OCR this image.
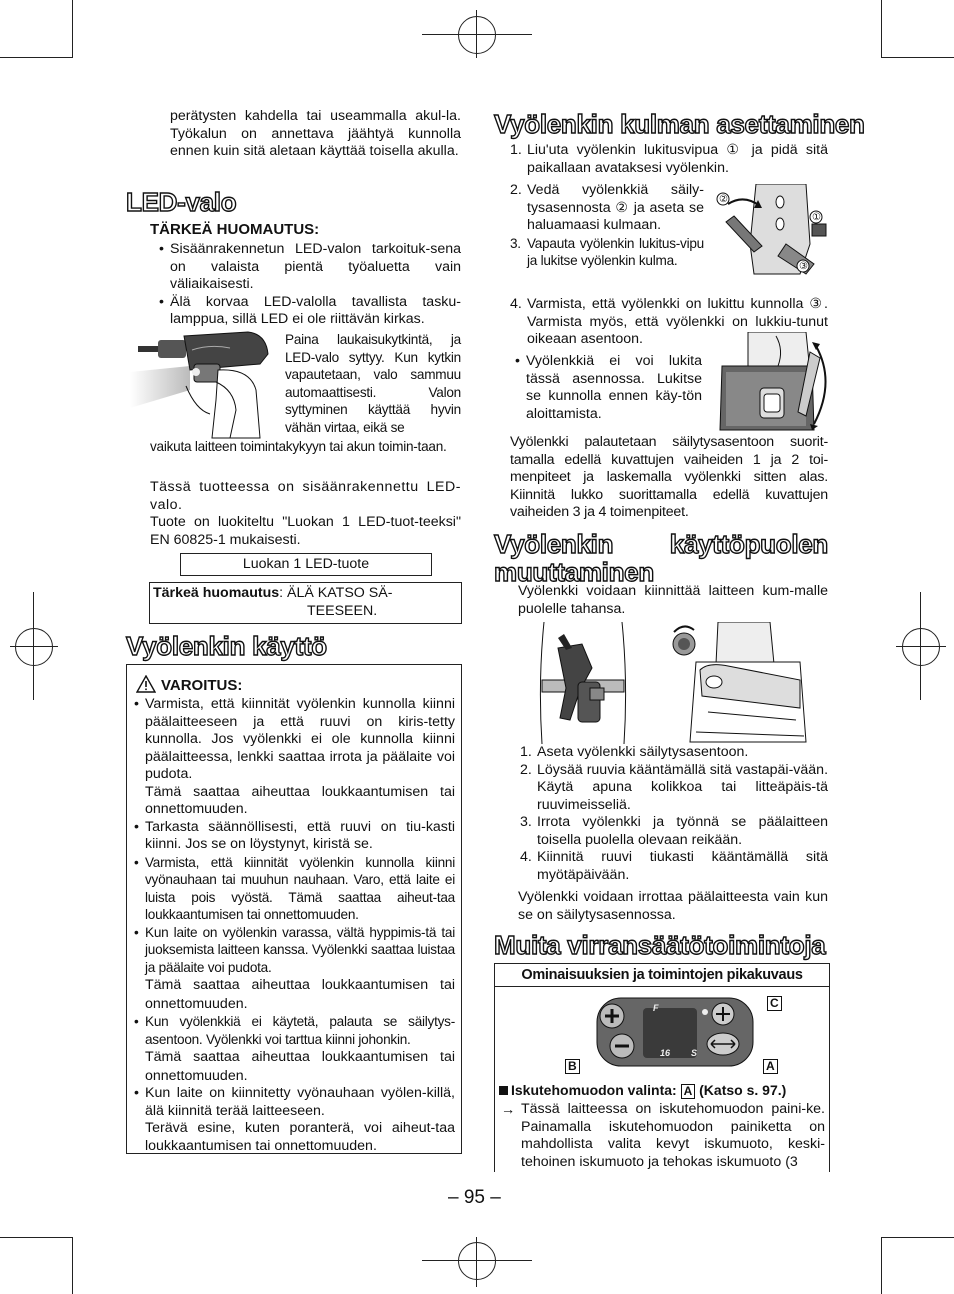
perätysten kahdella tai useammalla akul-la. Työkalun on annettava jäähtyä kunnolla ennen kuin sitä aletaan käyttää toisella akulla.
LED-valo
TÄRKEÄ HUOMAUTUS:
• Sisäänrakennetun LED-valon tarkoituk-sena on valaista pientä työaluetta vain väliaikaisesti.
• Älä korvaa LED-valolla tavallista tasku-lamppua, sillä LED ei ole riittävän kirkas.
Paina laukaisukytkintä, ja LED-valo syttyy. Kun kytkin vapautetaan, valo sammuu automaattisesti. Valon syttyminen käyttää hyvin vähän virtaa, eikä se
vaikuta laitteen toimintakykyyn tai akun toimin-taan.
Tässä tuotteessa on sisäänrakennettu LED-valo.
Tuote on luokiteltu "Luokan 1 LED-tuot-teeksi" EN 60825-1 mukaisesti.
Luokan 1 LED-tuote
Tärkeä huomautus: ÄLÄ KATSO SÄ-
TEESEEN.
Vyölenkin käyttö
VAROITUS:
• Varmista, että kiinnität vyölenkin kunnolla kiinni päälaitteeseen ja että ruuvi on kiris-tetty kunnolla. Jos vyölenkki ei ole kunnolla kiinni päälaitteessa, lenkki saattaa irrota ja päälaite voi pudota.
Tämä saattaa aiheuttaa loukkaantumisen tai onnettomuuden.
• Tarkasta säännöllisesti, että ruuvi on tiu-kasti kiinni. Jos se on löystynyt, kiristä se.
• Varmista, että kiinnität vyölenkin kunnolla kiinni vyönauhaan tai muuhun nauhaan. Varo, että laite ei luista pois vyöstä. Tämä saattaa aiheut-taa loukkaantumisen tai onnettomuuden.
• Kun laite on vyölenkin varassa, vältä hyppimis-tä tai juoksemista laitteen kanssa. Vyölenkki saattaa luistaa ja päälaite voi pudota.
Tämä saattaa aiheuttaa loukkaantumisen tai onnettomuuden.
• Kun vyölenkkiä ei käytetä, palauta se säilytys-asentoon. Vyölenkki voi tarttua kiinni johonkin.
Tämä saattaa aiheuttaa loukkaantumisen tai onnettomuuden.
• Kun laite on kiinnitetty vyönauhaan vyölen-killä, älä kiinnitä terää laitteeseen.
Terävä esine, kuten poranterä, voi aiheut-taa loukkaantumisen tai onnettomuuden.
Vyölenkin kulman asettaminen
1. Liu'uta vyölenkin lukitusvipua ① ja pidä sitä paikallaan avataksesi vyölenkin.
2. Vedä vyölenkkiä säily-tysasennosta ② ja aseta se haluamaasi kulmaan.
3. Vapauta vyölenkin lukitus-vipu ja lukitse vyölenkin kulma.
②
①
③
4. Varmista, että vyölenkki on lukittu kunnolla ③. Varmista myös, että vyölenkki on lukkiu-tunut oikeaan asentoon.
• Vyölenkkiä ei voi lukita tässä asennossa. Lukitse se kunnolla ennen käy-tön aloittamista.
Vyölenkki palautetaan säilytysasentoon suorit-tamalla edellä kuvattujen vaiheiden 1 ja 2 toi-menpiteet ja laskemalla vyölenkki sitten alas. Kiinnitä lukko suorittamalla edellä kuvattujen vaiheiden 3 ja 4 toimenpiteet.
Vyölenkin käyttöpuolen
muuttaminen
Vyölenkki voidaan kiinnittää laitteen kum-malle puolelle tahansa.
1. Aseta vyölenkki säilytysasentoon.
2. Löysää ruuvia kääntämällä sitä vastapäi-vään. Käytä apuna kolikkoa tai litteäpäis-tä ruuvimeisseliä.
3. Irrota vyölenkki ja työnnä se päälaitteen toisella puolella olevaan reikään.
4. Kiinnitä ruuvi tiukasti kääntämällä sitä myötäpäivään.
Vyölenkki voidaan irrottaa päälaitteesta vain kun se on säilytysasennossa.
Muita virransäätötoimintoja
Ominaisuuksien ja toimintojen pikakuvaus
F
16 S
C
B	A
Iskutehomuodon valinta: A (Katso s. 97.)
→ Tässä laitteessa on iskutehomuodon paini-ke. Painamalla iskutehomuodon painiketta on mahdollista valita kevyt iskumuoto, keski-tehoinen iskumuoto ja tehokas iskumuoto (3
– 95 –
